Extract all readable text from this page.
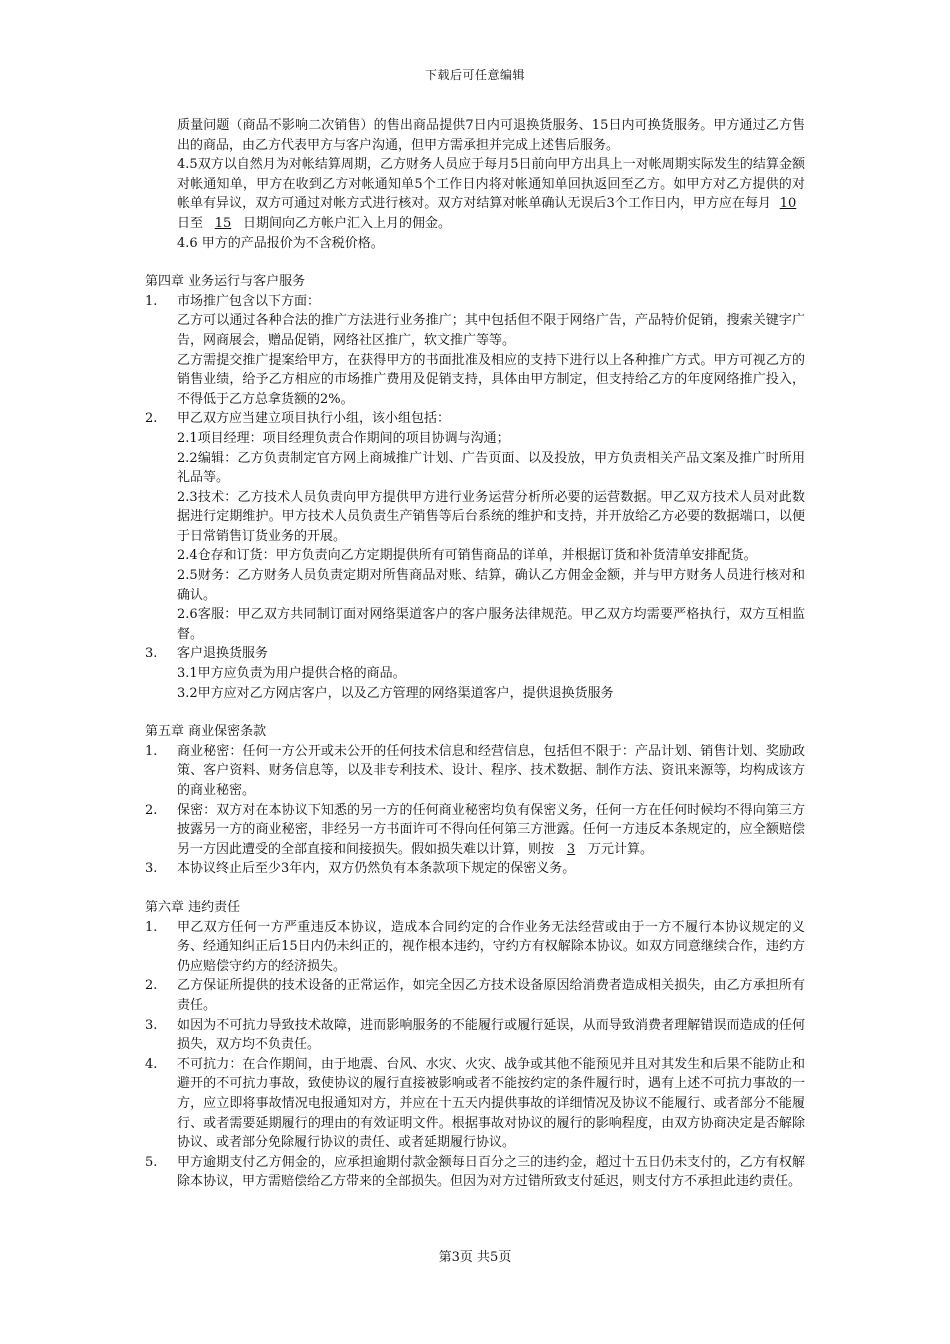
下载后可任意编辑

质量问题（商品不影响二次销售）的售出商品提供7日内可退换货服务、15日内可换货服务。甲方通过乙方售出的商品，由乙方代表甲方与客户沟通，但甲方需承担并完成上述售后服务。

4.5双方以自然月为对帐结算周期，乙方财务人员应于每月5日前向甲方出具上一对帐周期实际发生的结算金额对帐通知单，甲方在收到乙方对帐通知单5个工作日内将对帐通知单回执返回至乙方。如甲方对乙方提供的对帐单有异议，双方可通过对帐方式进行核对。双方对结算对帐单确认无误后3个工作日内，甲方应在每月 10日至 15 日期间向乙方帐户汇入上月的佣金。

4.6 甲方的产品报价为不含税价格。

第四章 业务运行与客户服务

1.	市场推广包含以下方面：

乙方可以通过各种合法的推广方法进行业务推广；其中包括但不限于网络广告，产品特价促销，搜索关键字广告，网商展会，赠品促销，网络社区推广，软文推广等等。

乙方需提交推广提案给甲方，在获得甲方的书面批准及相应的支持下进行以上各种推广方式。甲方可视乙方的销售业绩，给予乙方相应的市场推广费用及促销支持，具体由甲方制定，但支持给乙方的年度网络推广投入，不得低于乙方总拿货额的2%。

2.	甲乙双方应当建立项目执行小组，该小组包括：

2.1项目经理：项目经理负责合作期间的项目协调与沟通；

2.2编辑：乙方负责制定官方网上商城推广计划、广告页面、以及投放，甲方负责相关产品文案及推广时所用礼品等。

2.3技术：乙方技术人员负责向甲方提供甲方进行业务运营分析所必要的运营数据。甲乙双方技术人员对此数据进行定期维护。甲方技术人员负责生产销售等后台系统的维护和支持，并开放给乙方必要的数据端口，以便于日常销售订货业务的开展。

2.4仓存和订货：甲方负责向乙方定期提供所有可销售商品的详单，并根据订货和补货清单安排配货。

2.5财务：乙方财务人员负责定期对所售商品对账、结算，确认乙方佣金金额，并与甲方财务人员进行核对和确认。

2.6客服：甲乙双方共同制订面对网络渠道客户的客户服务法律规范。甲乙双方均需要严格执行，双方互相监督。

3.	客户退换货服务

3.1甲方应负责为用户提供合格的商品。

3.2甲方应对乙方网店客户，以及乙方管理的网络渠道客户，提供退换货服务

第五章 商业保密条款

1.	商业秘密：任何一方公开或未公开的任何技术信息和经营信息，包括但不限于：产品计划、销售计划、奖励政策、客户资料、财务信息等，以及非专利技术、设计、程序、技术数据、制作方法、资讯来源等，均构成该方的商业秘密。
2.	保密：双方对在本协议下知悉的另一方的任何商业秘密均负有保密义务，任何一方在任何时候均不得向第三方披露另一方的商业秘密，非经另一方书面许可不得向任何第三方泄露。任何一方违反本条规定的，应全额赔偿另一方因此遭受的全部直接和间接损失。假如损失难以计算，则按 3 万元计算。
3.	本协议终止后至少3年内，双方仍然负有本条款项下规定的保密义务。

第六章 违约责任

1.	甲乙双方任何一方严重违反本协议，造成本合同约定的合作业务无法经营或由于一方不履行本协议规定的义务、经通知纠正后15日内仍未纠正的，视作根本违约，守约方有权解除本协议。如双方同意继续合作，违约方仍应赔偿守约方的经济损失。
2.	乙方保证所提供的技术设备的正常运作，如完全因乙方技术设备原因给消费者造成相关损失，由乙方承担所有责任。
3.	如因为不可抗力导致技术故障，进而影响服务的不能履行或履行延误，从而导致消费者理解错误而造成的任何损失，双方均不负责任。
4.	不可抗力：在合作期间，由于地震、台风、水灾、火灾、战争或其他不能预见并且对其发生和后果不能防止和避开的不可抗力事故，致使协议的履行直接被影响或者不能按约定的条件履行时，遇有上述不可抗力事故的一方，应立即将事故情况电报通知对方，并应在十五天内提供事故的详细情况及协议不能履行、或者部分不能履行、或者需要延期履行的理由的有效证明文件。根据事故对协议的履行的影响程度，由双方协商决定是否解除协议、或者部分免除履行协议的责任、或者延期履行协议。
5.	甲方逾期支付乙方佣金的，应承担逾期付款金额每日百分之三的违约金，超过十五日仍未支付的，乙方有权解除本协议，甲方需赔偿给乙方带来的全部损失。但因为对方过错所致支付延迟，则支付方不承担此违约责任。
第3页 共5页
